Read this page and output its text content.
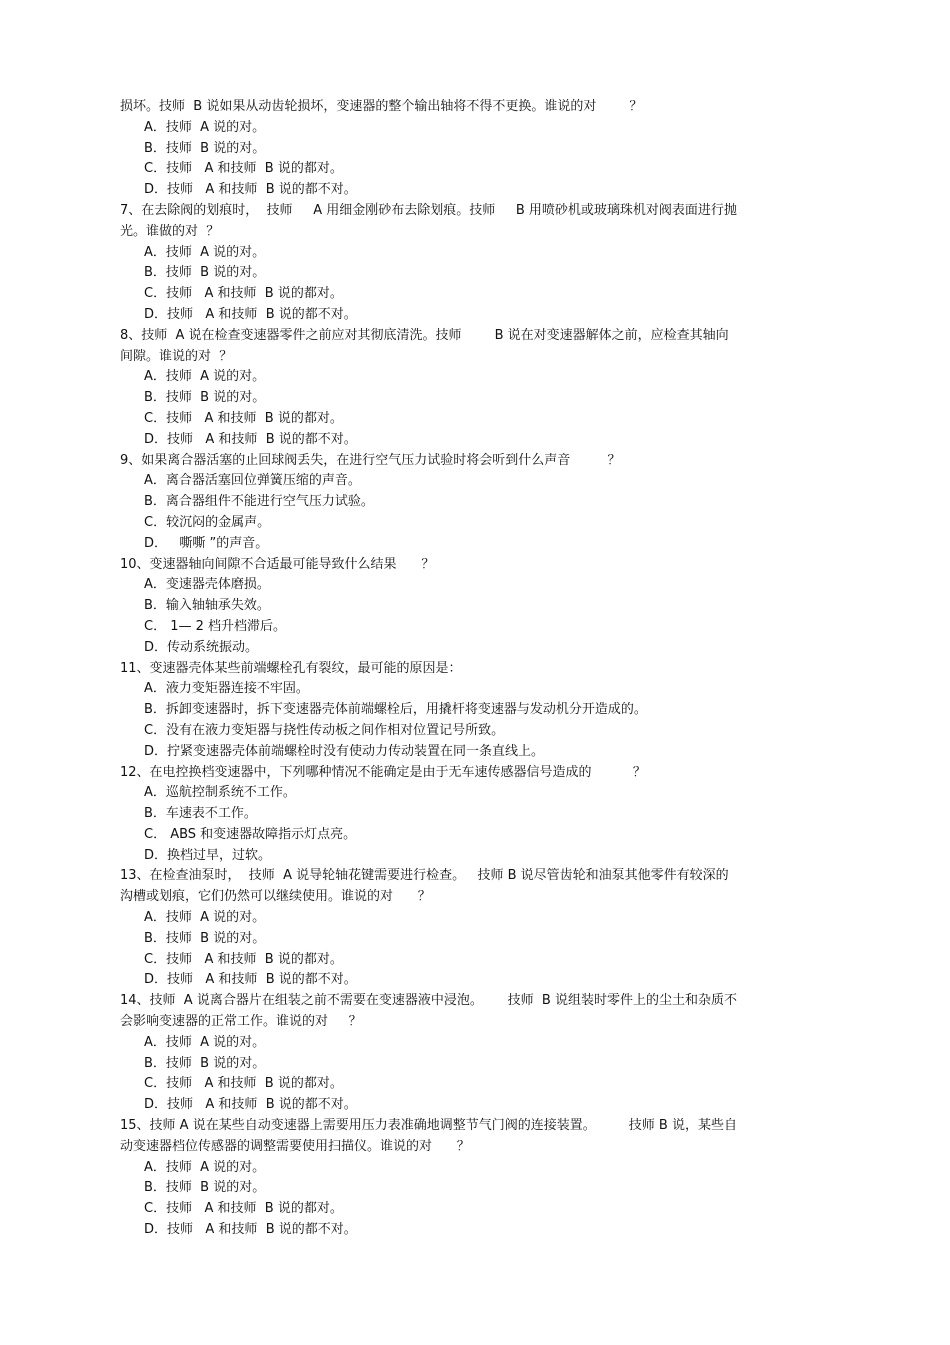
损坏。技师  B 说如果从动齿轮损坏，变速器的整个输出轴将不得不更换。谁说的对        ？
A．技师  A 说的对。
B．技师  B 说的对。
C．技师   A 和技师  B 说的都对。
D．技师   A 和技师  B 说的都不对。
7、在去除阀的划痕时，  技师     A 用细金刚砂布去除划痕。技师     B 用喷砂机或玻璃珠机对阀表面进行抛
光。谁做的对  ？
A．技师  A 说的对。
B．技师  B 说的对。
C．技师   A 和技师  B 说的都对。
D．技师   A 和技师  B 说的都不对。
8、技师  A 说在检查变速器零件之前应对其彻底清洗。技师        B 说在对变速器解体之前，应检查其轴向
间隙。谁说的对  ？
A．技师  A 说的对。
B．技师  B 说的对。
C．技师   A 和技师  B 说的都对。
D．技师   A 和技师  B 说的都不对。
9、如果离合器活塞的止回球阀丢失，在进行空气压力试验时将会听到什么声音         ？
A．离合器活塞回位弹簧压缩的声音。
B．离合器组件不能进行空气压力试验。
C．较沉闷的金属声。
D．   嘶嘶 ”的声音。
10、变速器轴向间隙不合适最可能导致什么结果      ？
A．变速器壳体磨损。
B．输入轴轴承失效。
C． 1— 2 档升档滞后。
D．传动系统振动。
11、变速器壳体某些前端螺栓孔有裂纹，最可能的原因是：
A．液力变矩器连接不牢固。
B．拆卸变速器时，拆下变速器壳体前端螺栓后，用撬杆将变速器与发动机分开造成的。
C．没有在液力变矩器与挠性传动板之间作相对位置记号所致。
D．拧紧变速器壳体前端螺栓时没有使动力传动装置在同一条直线上。
12、在电控换档变速器中，下列哪种情况不能确定是由于无车速传感器信号造成的          ？
A．巡航控制系统不工作。
B．车速表不工作。
C． ABS 和变速器故障指示灯点亮。
D．换档过早，过软。
13、在检查油泵时，  技师  A 说导轮轴花键需要进行检查。   技师 B 说尽管齿轮和油泵其他零件有较深的
沟槽或划痕，它们仍然可以继续使用。谁说的对      ？
A．技师  A 说的对。
B．技师  B 说的对。
C．技师   A 和技师  B 说的都对。
D．技师   A 和技师  B 说的都不对。
14、技师  A 说离合器片在组装之前不需要在变速器液中浸泡。      技师  B 说组装时零件上的尘土和杂质不
会影响变速器的正常工作。谁说的对     ？
A．技师  A 说的对。
B．技师  B 说的对。
C．技师   A 和技师  B 说的都对。
D．技师   A 和技师  B 说的都不对。
15、技师 A 说在某些自动变速器上需要用压力表准确地调整节气门阀的连接装置。        技师 B 说，某些自
动变速器档位传感器的调整需要使用扫描仪。谁说的对      ？
A．技师  A 说的对。
B．技师  B 说的对。
C．技师   A 和技师  B 说的都对。
D．技师   A 和技师  B 说的都不对。
